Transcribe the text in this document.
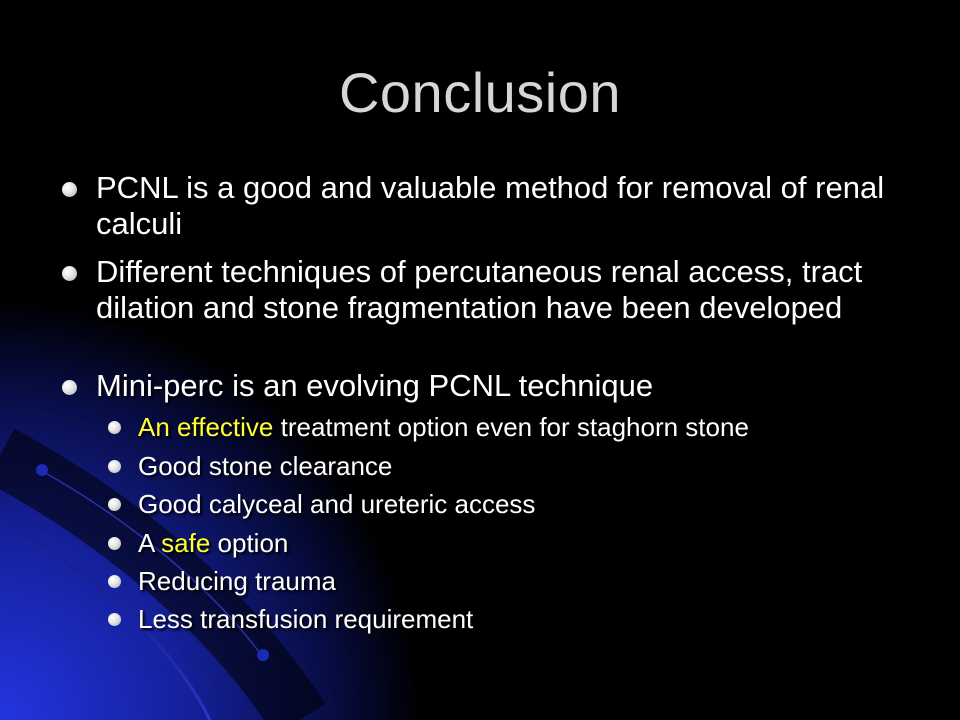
Conclusion
PCNL is a good and valuable method for removal of renal calculi
Different techniques of percutaneous renal access, tract dilation and stone fragmentation have been developed
Mini-perc is an evolving PCNL technique
An effective treatment option even for staghorn stone
Good stone clearance
Good calyceal and ureteric access
A safe option
Reducing trauma
Less transfusion requirement
